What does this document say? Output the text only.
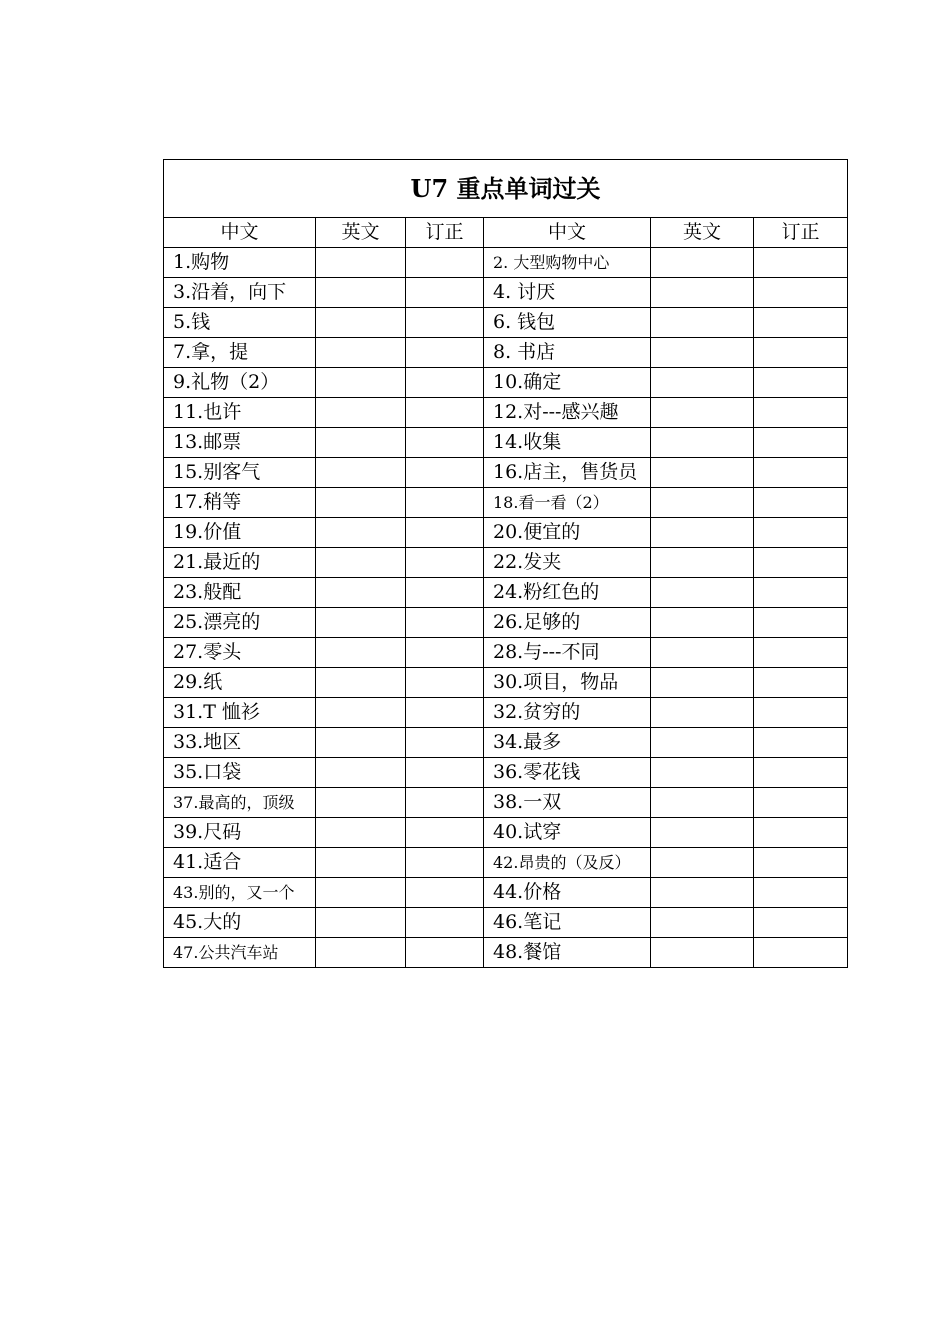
U7 重点单词过关					
中文	英文	订正	中文	英文	订正
1.购物			2. 大型购物中心		
3.沿着，向下			4. 讨厌		
5.钱			6. 钱包		
7.拿，提			8. 书店		
9.礼物（2）			10.确定		
11.也许			12.对---感兴趣		
13.邮票			14.收集		
15.别客气			16.店主，售货员		
17.稍等			18.看一看（2）		
19.价值			20.便宜的		
21.最近的			22.发夹		
23.般配			24.粉红色的		
25.漂亮的			26.足够的		
27.零头			28.与---不同		
29.纸			30.项目，物品		
31.T 恤衫			32.贫穷的		
33.地区			34.最多		
35.口袋			36.零花钱		
37.最高的，顶级			38.一双		
39.尺码			40.试穿		
41.适合			42.昂贵的（及反）		
43.别的，又一个			44.价格		
45.大的			46.笔记		
47.公共汽车站			48.餐馆		
